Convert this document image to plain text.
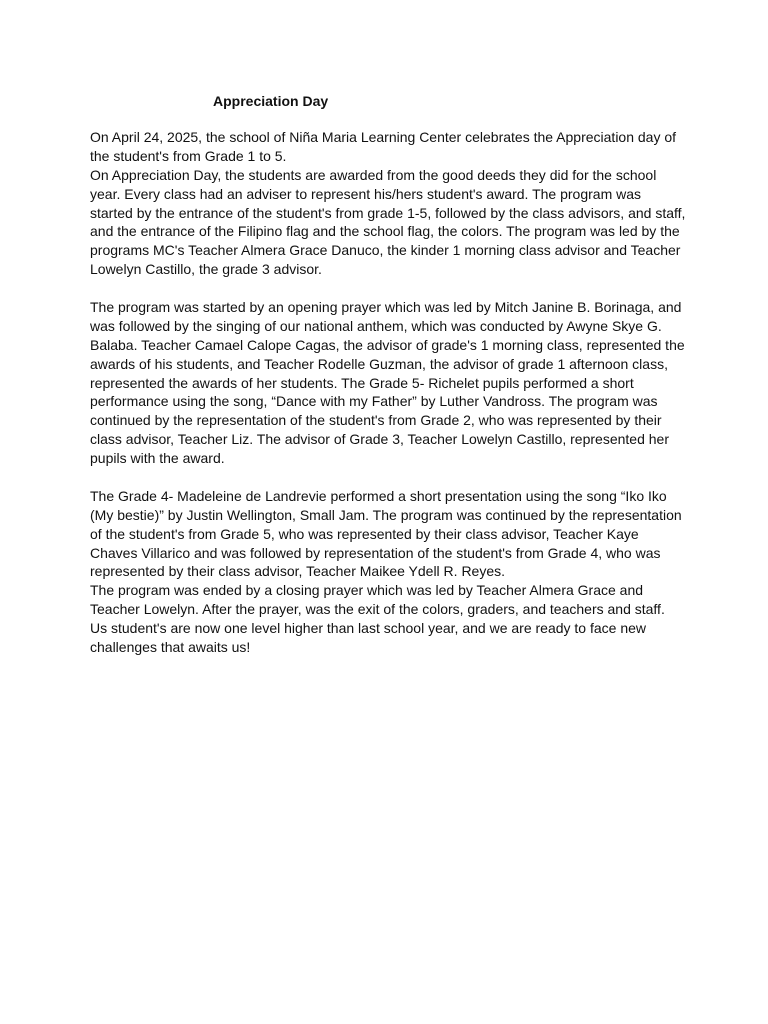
Appreciation Day
On April 24, 2025, the school of Niña Maria Learning Center celebrates the Appreciation day of
the student's from Grade 1 to 5.
On Appreciation Day, the students are awarded from the good deeds they did for the school
year. Every class had an adviser to represent his/hers student's award. The program was
started by the entrance of the student's from grade 1-5, followed by the class advisors, and staff,
and the entrance of the Filipino flag and the school flag, the colors. The program was led by the
programs MC's Teacher Almera Grace Danuco, the kinder 1 morning class advisor and Teacher
Lowelyn Castillo, the grade 3 advisor.
The program was started by an opening prayer which was led by Mitch Janine B. Borinaga, and
was followed by the singing of our national anthem, which was conducted by Awyne Skye G.
Balaba. Teacher Camael Calope Cagas, the advisor of grade's 1 morning class, represented the
awards of his students, and Teacher Rodelle Guzman, the advisor of grade 1 afternoon class,
represented the awards of her students. The Grade 5- Richelet pupils performed a short
performance using the song, “Dance with my Father” by Luther Vandross. The program was
continued by the representation of the student's from Grade 2, who was represented by their
class advisor, Teacher Liz. The advisor of Grade 3, Teacher Lowelyn Castillo, represented her
pupils with the award.
The Grade 4- Madeleine de Landrevie performed a short presentation using the song “Iko Iko
(My bestie)” by Justin Wellington, Small Jam. The program was continued by the representation
of the student's from Grade 5, who was represented by their class advisor, Teacher Kaye
Chaves Villarico and was followed by representation of the student's from Grade 4, who was
represented by their class advisor, Teacher Maikee Ydell R. Reyes.
The program was ended by a closing prayer which was led by Teacher Almera Grace and
Teacher Lowelyn. After the prayer, was the exit of the colors, graders, and teachers and staff.
Us student's are now one level higher than last school year, and we are ready to face new
challenges that awaits us!
